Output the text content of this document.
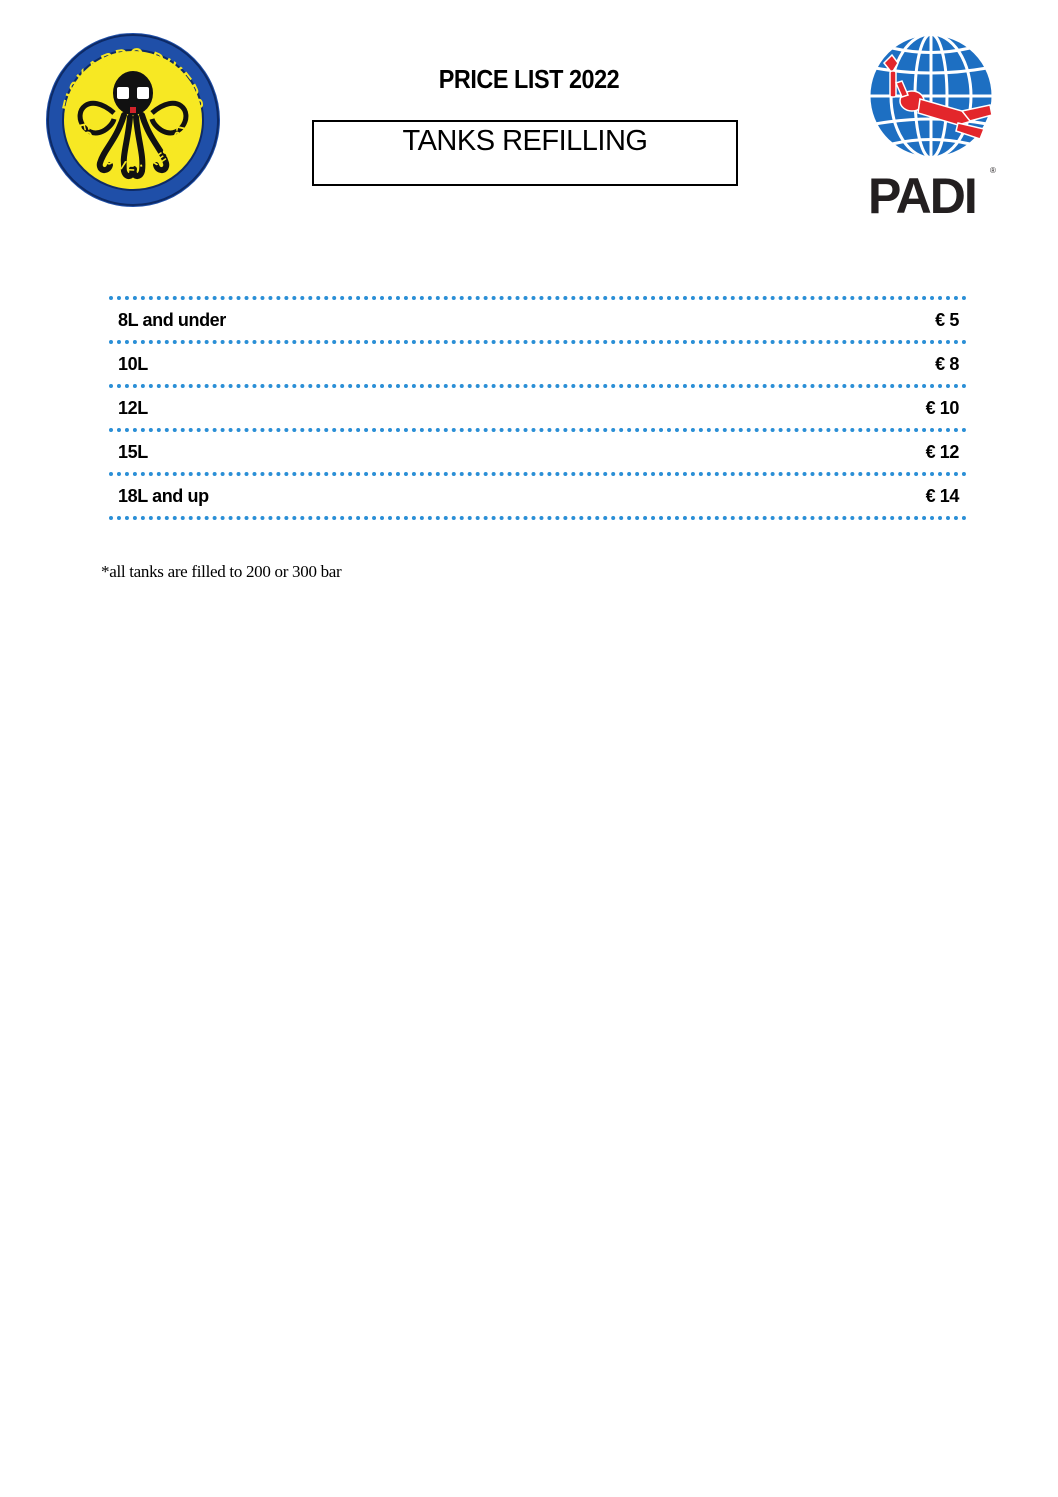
FISKARDO DIVERS
ECO · DIVE · RESORT
PRICE LIST 2022
TANKS REFILLING
PADI ®
8L and under	€ 5
10L	€ 8
12L	€ 10
15L	€ 12
18L and up	€ 14
*all tanks are filled to 200 or 300 bar
